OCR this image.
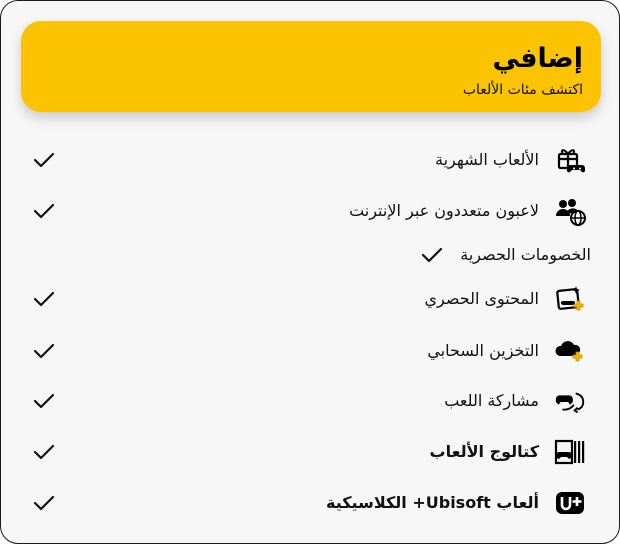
إضافي
اكتشف مئات الألعاب
الألعاب الشهرية
لاعبون متعددون عبر الإنترنت
الخصومات الحصرية
المحتوى الحصري
التخزين السحابي
مشاركة اللعب
كتالوج الألعاب
ألعاب Ubisoft+ الكلاسيكية
